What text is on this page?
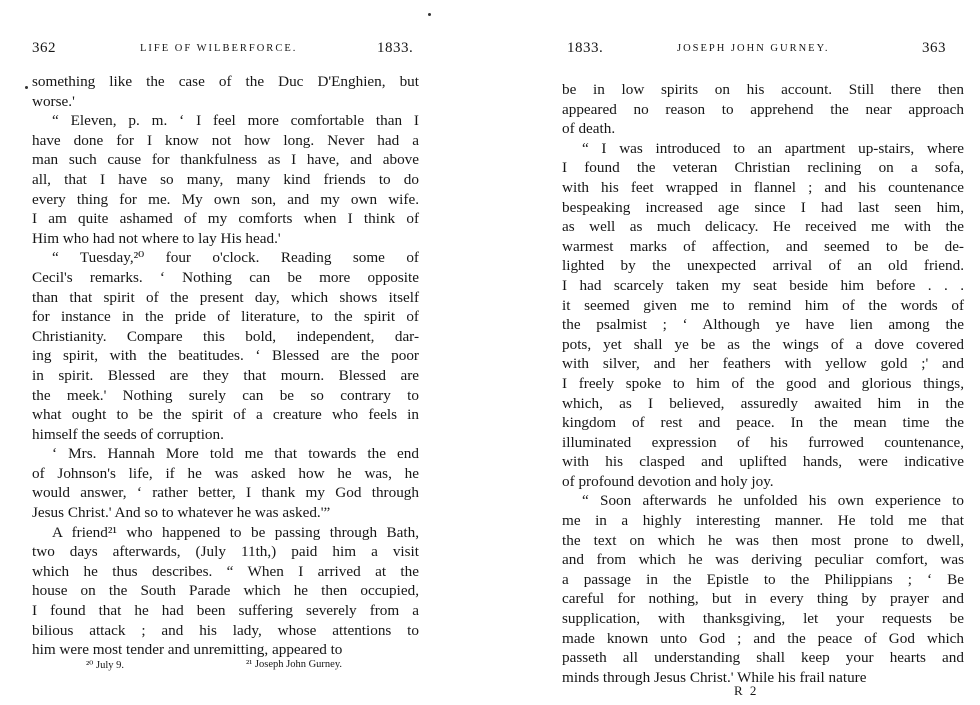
362	LIFE OF WILBERFORCE.	1833.
something like the case of the Duc D'Enghien, but
worse.'
“ Eleven, p. m. ‘ I feel more comfortable than I
have done for I know not how long. Never had a
man such cause for thankfulness as I have, and above
all, that I have so many, many kind friends to do
every thing for me. My own son, and my own wife.
I am quite ashamed of my comforts when I think of
Him who had not where to lay His head.'
“ Tuesday,²⁰ four o'clock. Reading some of
Cecil's remarks. ‘ Nothing can be more opposite
than that spirit of the present day, which shows itself
for instance in the pride of literature, to the spirit of
Christianity. Compare this bold, independent, dar-
ing spirit, with the beatitudes. ‘ Blessed are the poor
in spirit. Blessed are they that mourn. Blessed are
the meek.' Nothing surely can be so contrary to
what ought to be the spirit of a creature who feels in
himself the seeds of corruption.
‘ Mrs. Hannah More told me that towards the end
of Johnson's life, if he was asked how he was, he
would answer, ‘ rather better, I thank my God through
Jesus Christ.' And so to whatever he was asked.'”
A friend²¹ who happened to be passing through Bath,
two days afterwards, (July 11th,) paid him a visit
which he thus describes. “ When I arrived at the
house on the South Parade which he then occupied,
I found that he had been suffering severely from a
bilious attack ; and his lady, whose attentions to
him were most tender and unremitting, appeared to
²⁰ July 9.	²¹ Joseph John Gurney.
1833.	JOSEPH JOHN GURNEY.	363
be in low spirits on his account. Still there then
appeared no reason to apprehend the near approach
of death.
“ I was introduced to an apartment up-stairs, where
I found the veteran Christian reclining on a sofa,
with his feet wrapped in flannel ; and his countenance
bespeaking increased age since I had last seen him,
as well as much delicacy. He received me with the
warmest marks of affection, and seemed to be de-
lighted by the unexpected arrival of an old friend.
I had scarcely taken my seat beside him before . . .
it seemed given me to remind him of the words of
the psalmist ; ‘ Although ye have lien among the
pots, yet shall ye be as the wings of a dove covered
with silver, and her feathers with yellow gold ;' and
I freely spoke to him of the good and glorious things,
which, as I believed, assuredly awaited him in the
kingdom of rest and peace. In the mean time the
illuminated expression of his furrowed countenance,
with his clasped and uplifted hands, were indicative
of profound devotion and holy joy.
“ Soon afterwards he unfolded his own experience to
me in a highly interesting manner. He told me that
the text on which he was then most prone to dwell,
and from which he was deriving peculiar comfort, was
a passage in the Epistle to the Philippians ; ‘ Be
careful for nothing, but in every thing by prayer and
supplication, with thanksgiving, let your requests be
made known unto God ; and the peace of God which
passeth all understanding shall keep your hearts and
minds through Jesus Christ.' While his frail nature
R 2
